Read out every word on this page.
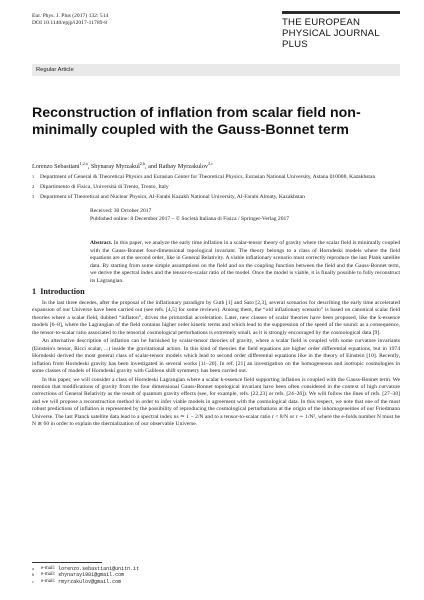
Eur. Phys. J. Plus (2017) 132: 514
DOI 10.1140/epjp/i2017-11789-8	THE EUROPEAN
PHYSICAL JOURNAL PLUS
Regular Article
Reconstruction of inflation from scalar field non-minimally coupled with the Gauss-Bonnet term
Lorenzo Sebastiani$^{1,2,a}$, Shynaray Myrzakul$^{2,b}$, and Ratbay Myrzakulov$^{2,c}$
1	Department of General & Theoretical Physics and Eurasian Center for Theoretical Physics, Eurasian National University, Astana 010008, Kazakhstan
2	Dipartimento di Fisica, Università di Trento, Trento, Italy
3	Department of Theoretical and Nuclear Physics, Al-Farabi Kazakh National University, Al-Farabi Almaty, Kazakhstan
Received: 30 October 2017
Published online: 8 December 2017 – © Società Italiana di Fisica / Springer-Verlag 2017

Abstract. In this paper, we analyze the early time inflation in a scalar-tensor theory of gravity where the scalar field is minimally coupled with the Gauss-Bonnet four-dimensional topological invariant. The theory belongs to a class of Horndeski models where the field equations are at the second order, like in General Relativity. A viable inflationary scenario must correctly reproduce the last Plank satellite data. By starting from some simple assumptions on the field and on the coupling function between the field and the Gauss-Bonnet term, we derive the spectral index and the tensor-to-scalar ratio of the model. Once the model is viable, it is finally possible to fully reconstruct its Lagrangian.

1 Introduction

In the last three decedes, after the proposal of the inflationary paradigm by Guth [1] and Sato [2,3], several scenarios for describing the early time accelerated expansion of our Universe have been carried out (see refs. [4,5] for some reviews). Among them, the “old inflationary scenario” is based on canonical scalar field theories where a scalar field, dubbed “inflaton”, drives the primordial acceleration. Later, new classes of scalar theories have been proposed, like the k-essence models [6–8], where the Lagrangian of the field contains higher order kinetic terms and which lead to the suppression of the speed of the sound: as a consequence, the tensor-to-scalar ratio associated to the tensorial cosmological perturbations is extremely small, as it is strongly encouraged by the cosmological data [9].

An alternative description of inflation can be furnished by scalar-tensor theories of gravity, where a scalar field is coupled with some curvature invariants (Einstein's tensor, Ricci scalar, ...) inside the gravitational action. In this kind of theories the field equations are higher order differential equations, but in 1974 Horndeski derived the most general class of scalar-tensor models which lead to second order differential equations like in the theory of Einstein [10]. Recently, inflation from Horndeski gravity has been investigated in several works [11–20]. In ref. [21] an investigation on the homogeneous and isotropic cosmologies in some classes of models of Horndeski gravity with Galileon shift symmetry has been carried out.

In this paper, we will consider a class of Horndeski Lagrangian where a scalar k-essence field supporting inflation is coupled with the Gauss-Bonnet term. We mention that modifications of gravity from the four dimensional Gauss-Bonnet topological invariant have been often considered in the context of high curvature corrections of General Relativity as the result of quantum gravity effects (see, for example, refs. [22,23] or refs. [24–26]). We will follow the lines of refs. [27–30] and we will propose a reconstruction method in order to infer viable models in agreement with the cosmological data. In this respect, we note that one of the most robust predictions of inflation is represented by the possibility of reproducing the cosmological perturbations at the origin of the inhomogeneities of our Friedmann Universe. The last Planck satellite data lead to a spectral index ns ≃ 1 − 2/N and to a tensor-to-scalar ratio r < 8/N or r ∼ 1/N², where the e-folds number N must be N ≳ 60 in order to explain the thermalization of our observable Universe.

a	e-mail: lorenzo.sebastiani@unitn.it
b	e-mail: shynaray1981@gmail.com
c	e-mail: rmyrzakulov@gmail.com
